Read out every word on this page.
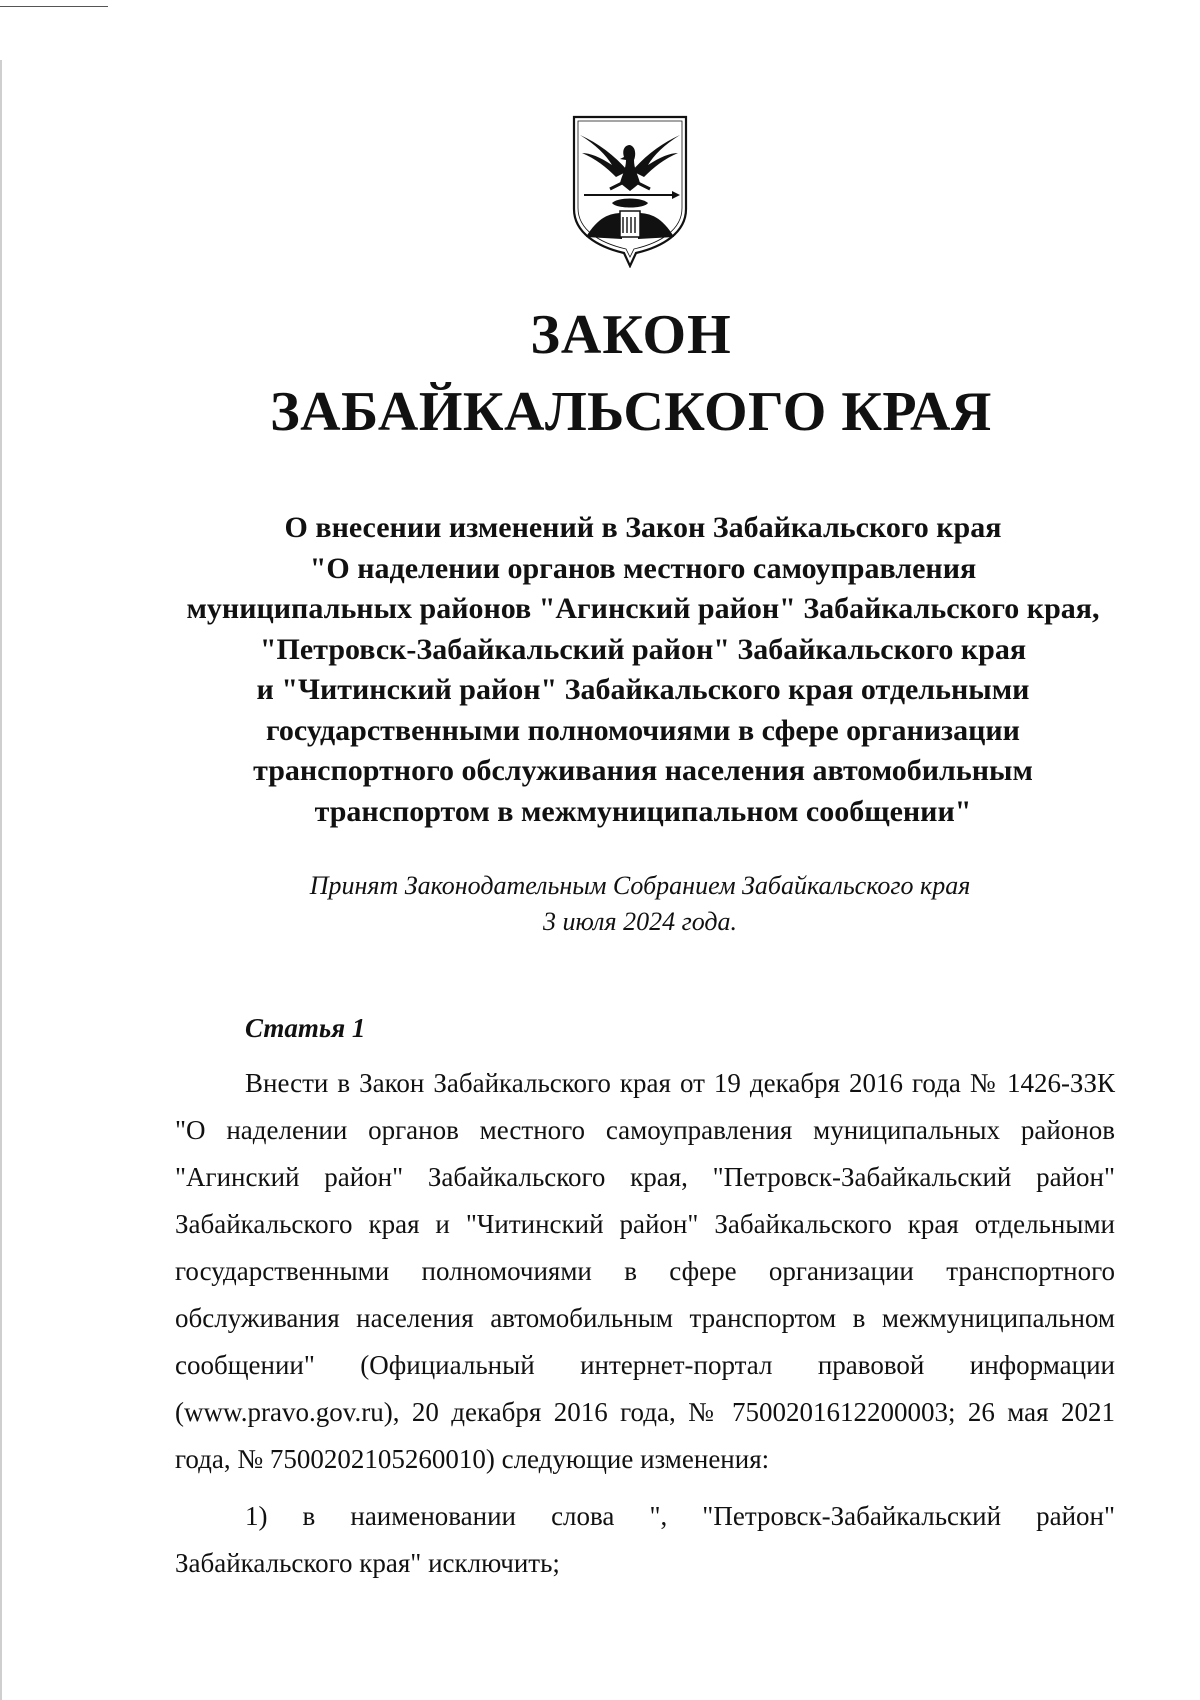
ЗАКОН
ЗАБАЙКАЛЬСКОГО КРАЯ
О внесении изменений в Закон Забайкальского края
"О наделении органов местного самоуправления
муниципальных районов "Агинский район" Забайкальского края,
"Петровск-Забайкальский район" Забайкальского края
и "Читинский район" Забайкальского края отдельными
государственными полномочиями в сфере организации
транспортного обслуживания населения автомобильным
транспортом в межмуниципальном сообщении"
Принят Законодательным Собранием Забайкальского края
3 июля 2024 года.
Статья 1

Внести в Закон Забайкальского края от 19 декабря 2016 года № 1426-ЗЗК "О наделении органов местного самоуправления муниципальных районов "Агинский район" Забайкальского края, "Петровск-Забайкальский район" Забайкальского края и "Читинский район" Забайкальского края отдельными государственными полномочиями в сфере организации транспортного обслуживания населения автомобильным транспортом в межмуниципальном сообщении" (Официальный интернет-портал правовой информации (www.pravo.gov.ru), 20 декабря 2016 года, № 7500201612200003; 26 мая 2021 года, № 7500202105260010) следующие изменения:

1) в наименовании слова ", "Петровск-Забайкальский район" Забайкальского края" исключить;
